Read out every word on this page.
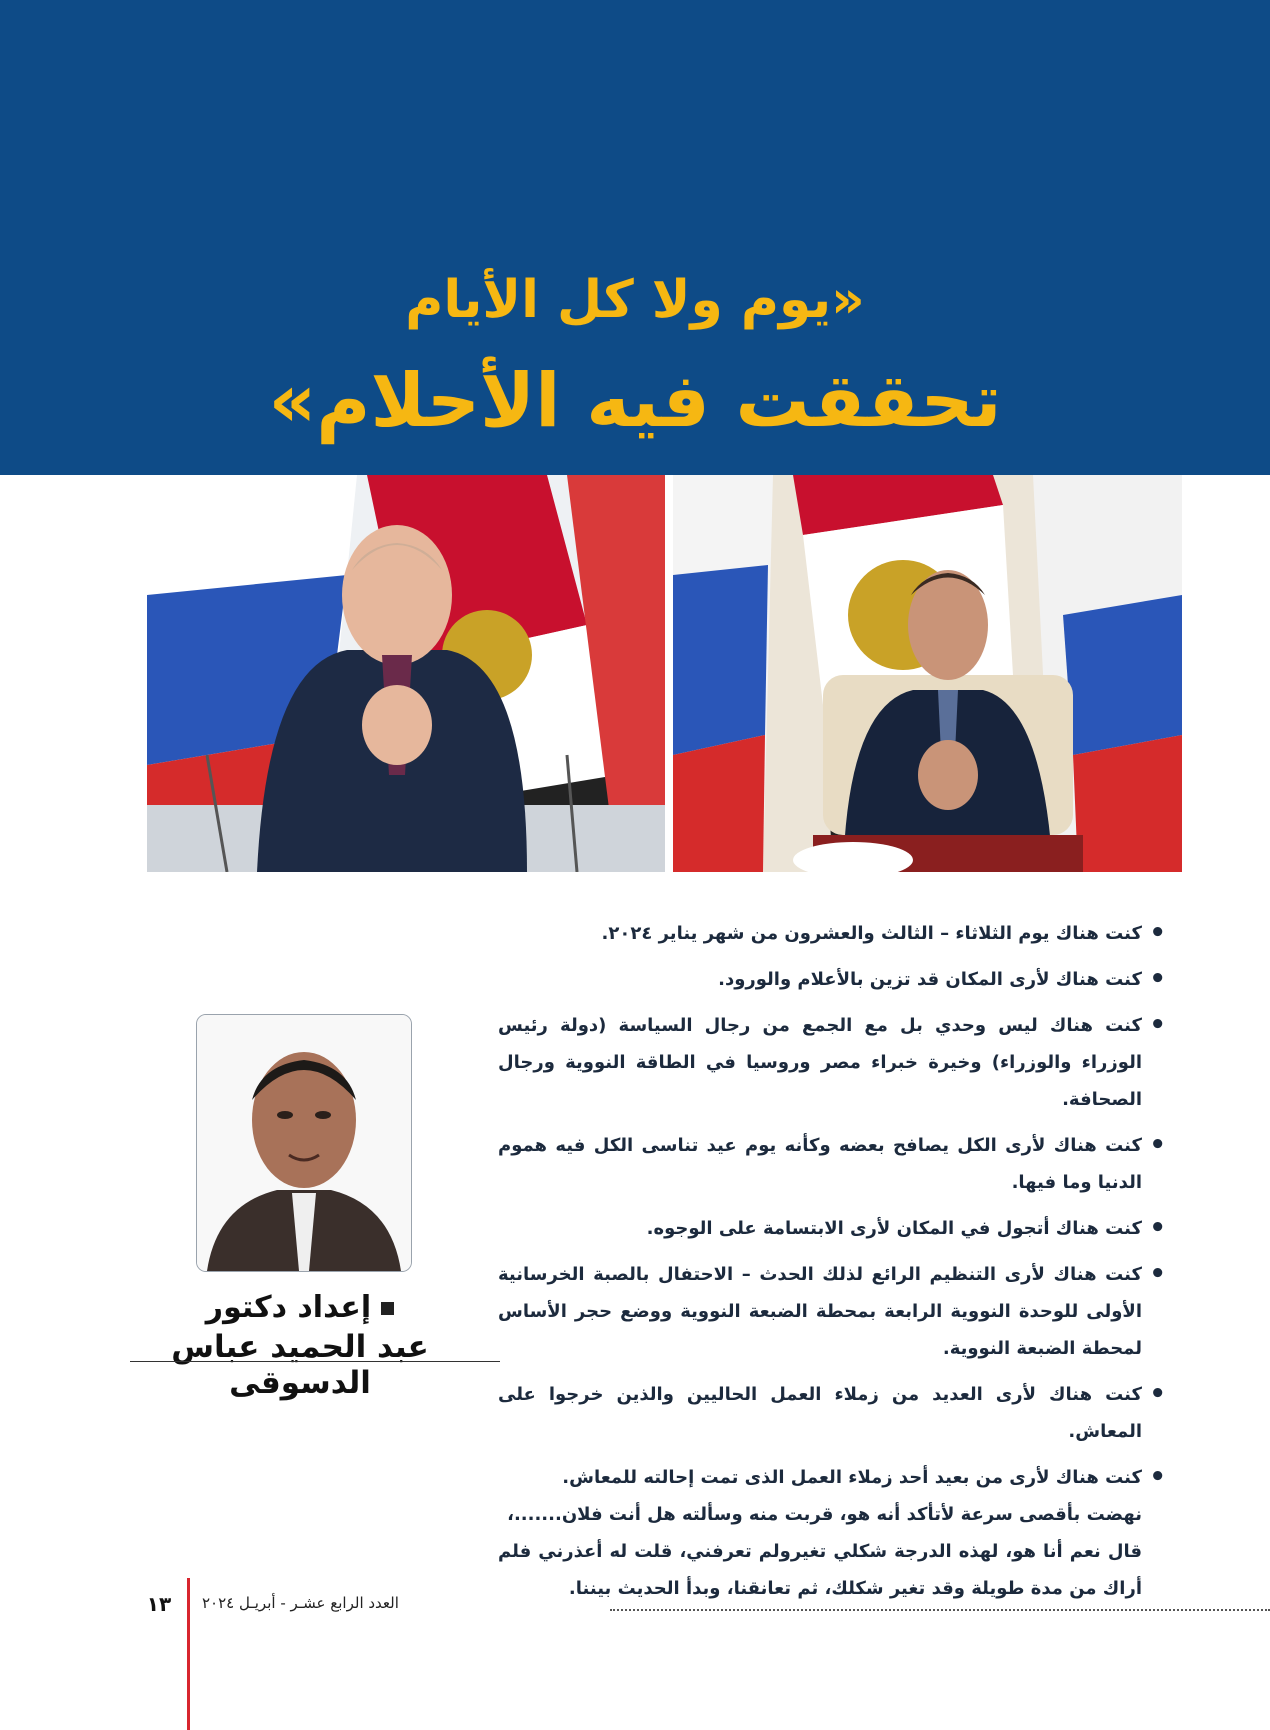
«يوم ولا كل الأيام
تحققت فيه الأحلام»
إعداد دكتور
عبد الحميد عباس الدسوقى
• كنت هناك يوم الثلاثاء – الثالث والعشرون من شهر يناير ٢٠٢٤.
• كنت هناك لأرى المكان قد تزين بالأعلام والورود.
• كنت هناك ليس وحدي بل مع الجمع من رجال السياسة (دولة رئيس الوزراء والوزراء) وخيرة خبراء مصر وروسيا في الطاقة النووية ورجال الصحافة.
• كنت هناك لأرى الكل يصافح بعضه وكأنه يوم عيد تناسى الكل فيه هموم الدنيا وما فيها.
• كنت هناك أتجول في المكان لأرى الابتسامة على الوجوه.
• كنت هناك لأرى التنظيم الرائع لذلك الحدث – الاحتفال بالصبة الخرسانية الأولى للوحدة النووية الرابعة بمحطة الضبعة النووية ووضع حجر الأساس لمحطة الضبعة النووية.
• كنت هناك لأرى العديد من زملاء العمل الحاليين والذين خرجوا على المعاش.
• كنت هناك لأرى من بعيد أحد زملاء العمل الذى تمت إحالته للمعاش.
نهضت بأقصى سرعة لأتأكد أنه هو، قربت منه وسألته هل أنت فلان.......،
قال نعم أنا هو، لهذه الدرجة شكلي تغيرولم تعرفني، قلت له أعذرني فلم أراك من مدة طويلة وقد تغير شكلك، ثم تعانقنا، وبدأ الحديث بيننا.
١٣	العدد الرابع عشـر - أبريـل ٢٠٢٤
